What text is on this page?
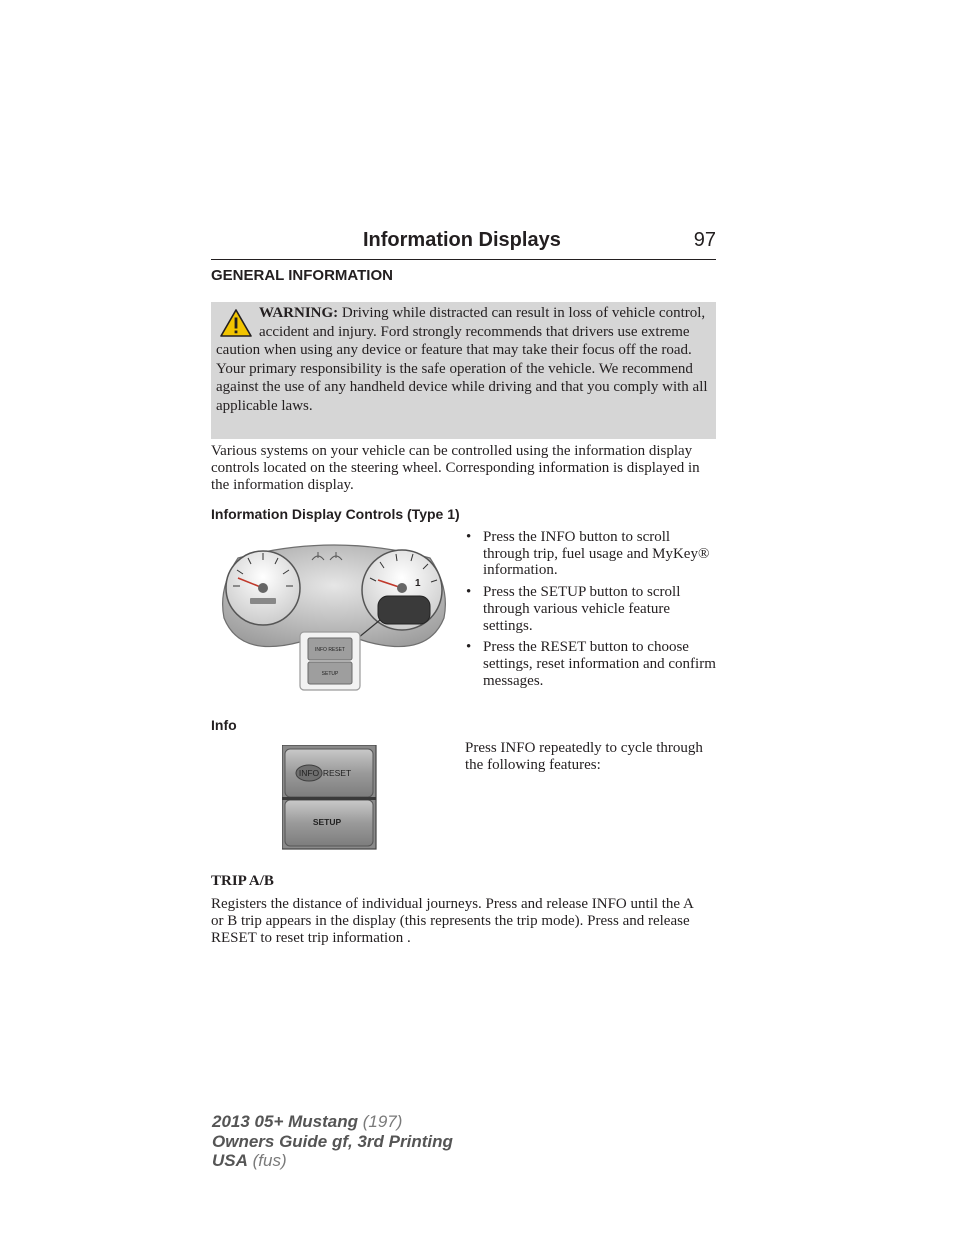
Information Displays	97
GENERAL INFORMATION

WARNING: Driving while distracted can result in loss of vehicle control, accident and injury. Ford strongly recommends that drivers use extreme caution when using any device or feature that may take their focus off the road. Your primary responsibility is the safe operation of the vehicle. We recommend against the use of any handheld device while driving and that you comply with all applicable laws.

Various systems on your vehicle can be controlled using the information display controls located on the steering wheel. Corresponding information is displayed in the information display.

Information Display Controls (Type 1)
1
INFO RESET
SETUP
• Press the INFO button to scroll through trip, fuel usage and MyKey® information.
• Press the SETUP button to scroll through various vehicle feature settings.
• Press the RESET button to choose settings, reset information and confirm messages.
Info
INFO RESET
SETUP

Press INFO repeatedly to cycle through the following features:

TRIP A/B

Registers the distance of individual journeys. Press and release INFO until the A or B trip appears in the display (this represents the trip mode). Press and release RESET to reset trip information .

2013 05+ Mustang (197)
Owners Guide gf, 3rd Printing
USA (fus)
